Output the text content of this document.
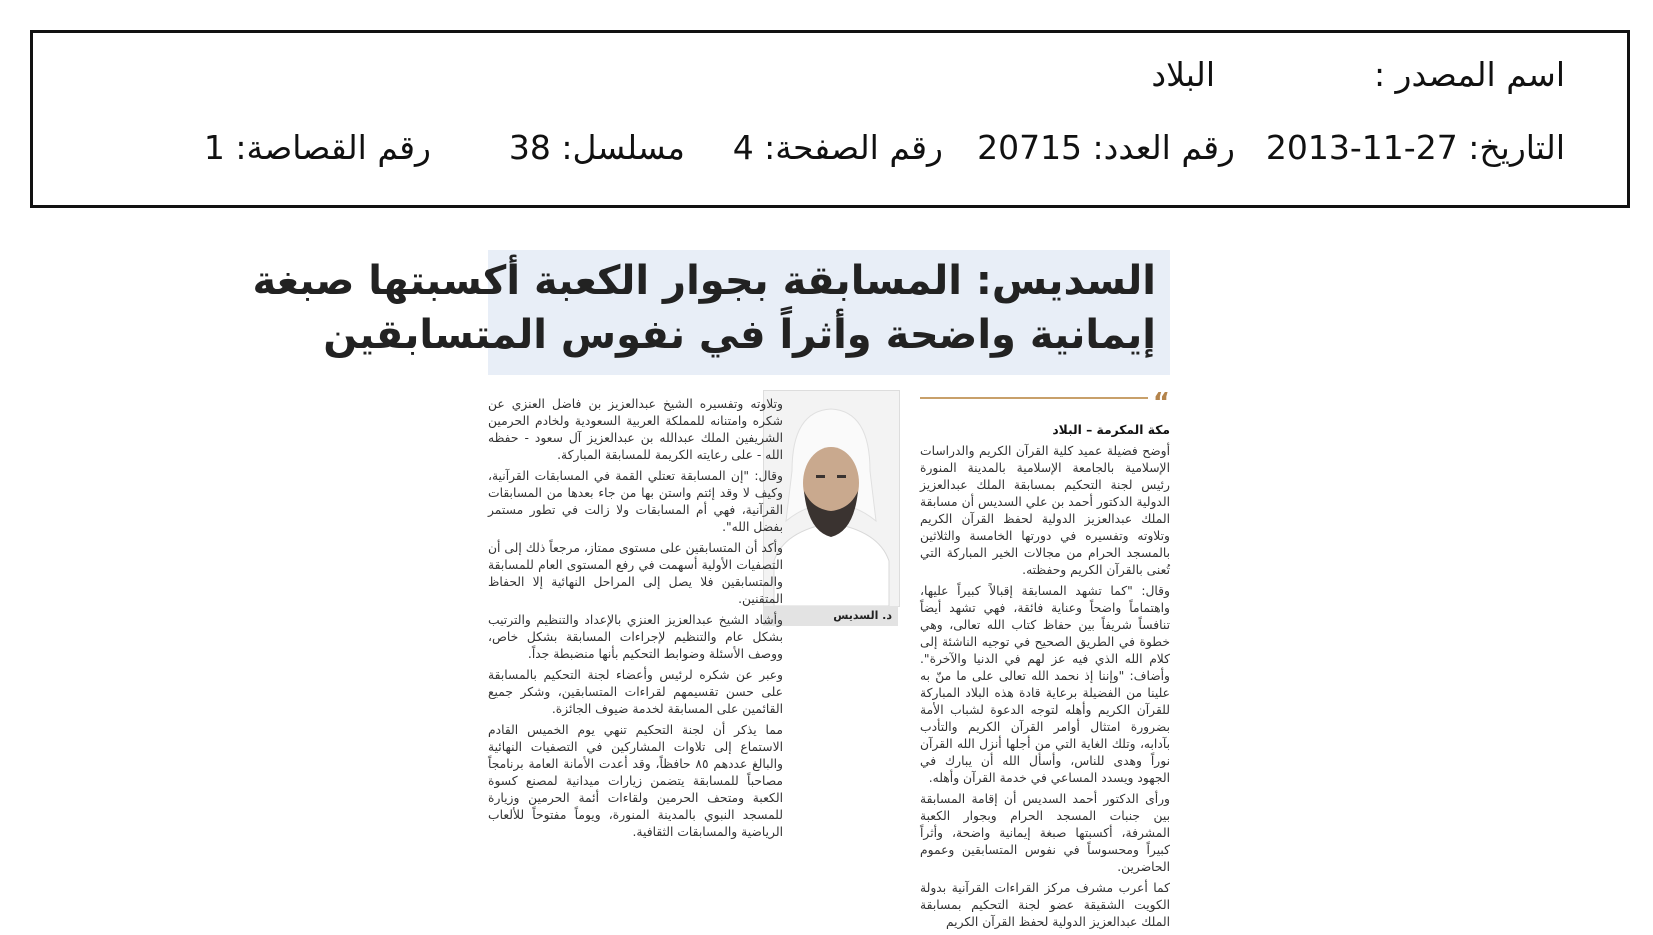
اسم المصدر :
البلاد
التاريخ: 27-11-2013
رقم العدد: 20715
رقم الصفحة: 4
مسلسل: 38
رقم القصاصة: 1
السديس: المسابقة بجوار الكعبة أكسبتها صبغة
إيمانية واضحة وأثراً في نفوس المتسابقين
“

مكة المكرمة – البلاد

أوضح فضيلة عميد كلية القرآن الكريم والدراسات الإسلامية بالجامعة الإسلامية بالمدينة المنورة رئيس لجنة التحكيم بمسابقة الملك عبدالعزيز الدولية الدكتور أحمد بن علي السديس أن مسابقة الملك عبدالعزيز الدولية لحفظ القرآن الكريم وتلاوته وتفسيره في دورتها الخامسة والثلاثين بالمسجد الحرام من مجالات الخير المباركة التي تُعنى بالقرآن الكريم وحفظته.

وقال: "كما تشهد المسابقة إقبالاً كبيراً عليها، واهتماماً واضحاً وعناية فائقة، فهي تشهد أيضاً تنافساً شريفاً بين حفاظ كتاب الله تعالى، وهي خطوة في الطريق الصحيح في توجيه الناشئة إلى كلام الله الذي فيه عز لهم في الدنيا والآخرة". وأضاف: "وإننا إذ نحمد الله تعالى على ما منّ به علينا من الفضيلة برعاية قادة هذه البلاد المباركة للقرآن الكريم وأهله لتوجه الدعوة لشباب الأمة بضرورة امتثال أوامر القرآن الكريم والتأدب بآدابه، وتلك الغاية التي من أجلها أنزل الله القرآن نوراً وهدى للناس، وأسأل الله أن يبارك في الجهود ويسدد المساعي في خدمة القرآن وأهله.

ورأى الدكتور أحمد السديس أن إقامة المسابقة بين جنبات المسجد الحرام وبجوار الكعبة المشرفة، أكسبتها صبغة إيمانية واضحة، وأثراً كبيراً ومحسوساً في نفوس المتسابقين وعموم الحاضرين.

كما أعرب مشرف مركز القراءات القرآنية بدولة الكويت الشقيقة عضو لجنة التحكيم بمسابقة الملك عبدالعزيز الدولية لحفظ القرآن الكريم

د. السديس

وتلاوته وتفسيره الشيخ عبدالعزيز بن فاضل العنزي عن شكره وامتنانه للمملكة العربية السعودية ولخادم الحرمين الشريفين الملك عبدالله بن عبدالعزيز آل سعود - حفظه الله - على رعايته الكريمة للمسابقة المباركة.

وقال: "إن المسابقة تعتلي القمة في المسابقات القرآنية، وكيف لا وقد إئتم واستن بها من جاء بعدها من المسابقات القرآنية، فهي أم المسابقات ولا زالت في تطور مستمر بفضل الله".

وأكد أن المتسابقين على مستوى ممتاز، مرجعاً ذلك إلى أن التصفيات الأولية أسهمت في رفع المستوى العام للمسابقة والمتسابقين فلا يصل إلى المراحل النهائية إلا الحفاظ المتقنين.

وأشاد الشيخ عبدالعزيز العنزي بالإعداد والتنظيم والترتيب بشكل عام والتنظيم لإجراءات المسابقة بشكل خاص، ووصف الأسئلة وضوابط التحكيم بأنها منضبطة جداً.

وعبر عن شكره لرئيس وأعضاء لجنة التحكيم بالمسابقة على حسن تقسيمهم لقراءات المتسابقين، وشكر جميع القائمين على المسابقة لخدمة ضيوف الجائزة.

مما يذكر أن لجنة التحكيم تنهي يوم الخميس القادم الاستماع إلى تلاوات المشاركين في التصفيات النهائية والبالغ عددهم ٨٥ حافظاً، وقد أعدت الأمانة العامة برنامجاً مصاحباً للمسابقة يتضمن زيارات ميدانية لمصنع كسوة الكعبة ومتحف الحرمين ولقاءات أئمة الحرمين وزيارة للمسجد النبوي بالمدينة المنورة، ويوماً مفتوحاً للألعاب الرياضية والمسابقات الثقافية.
